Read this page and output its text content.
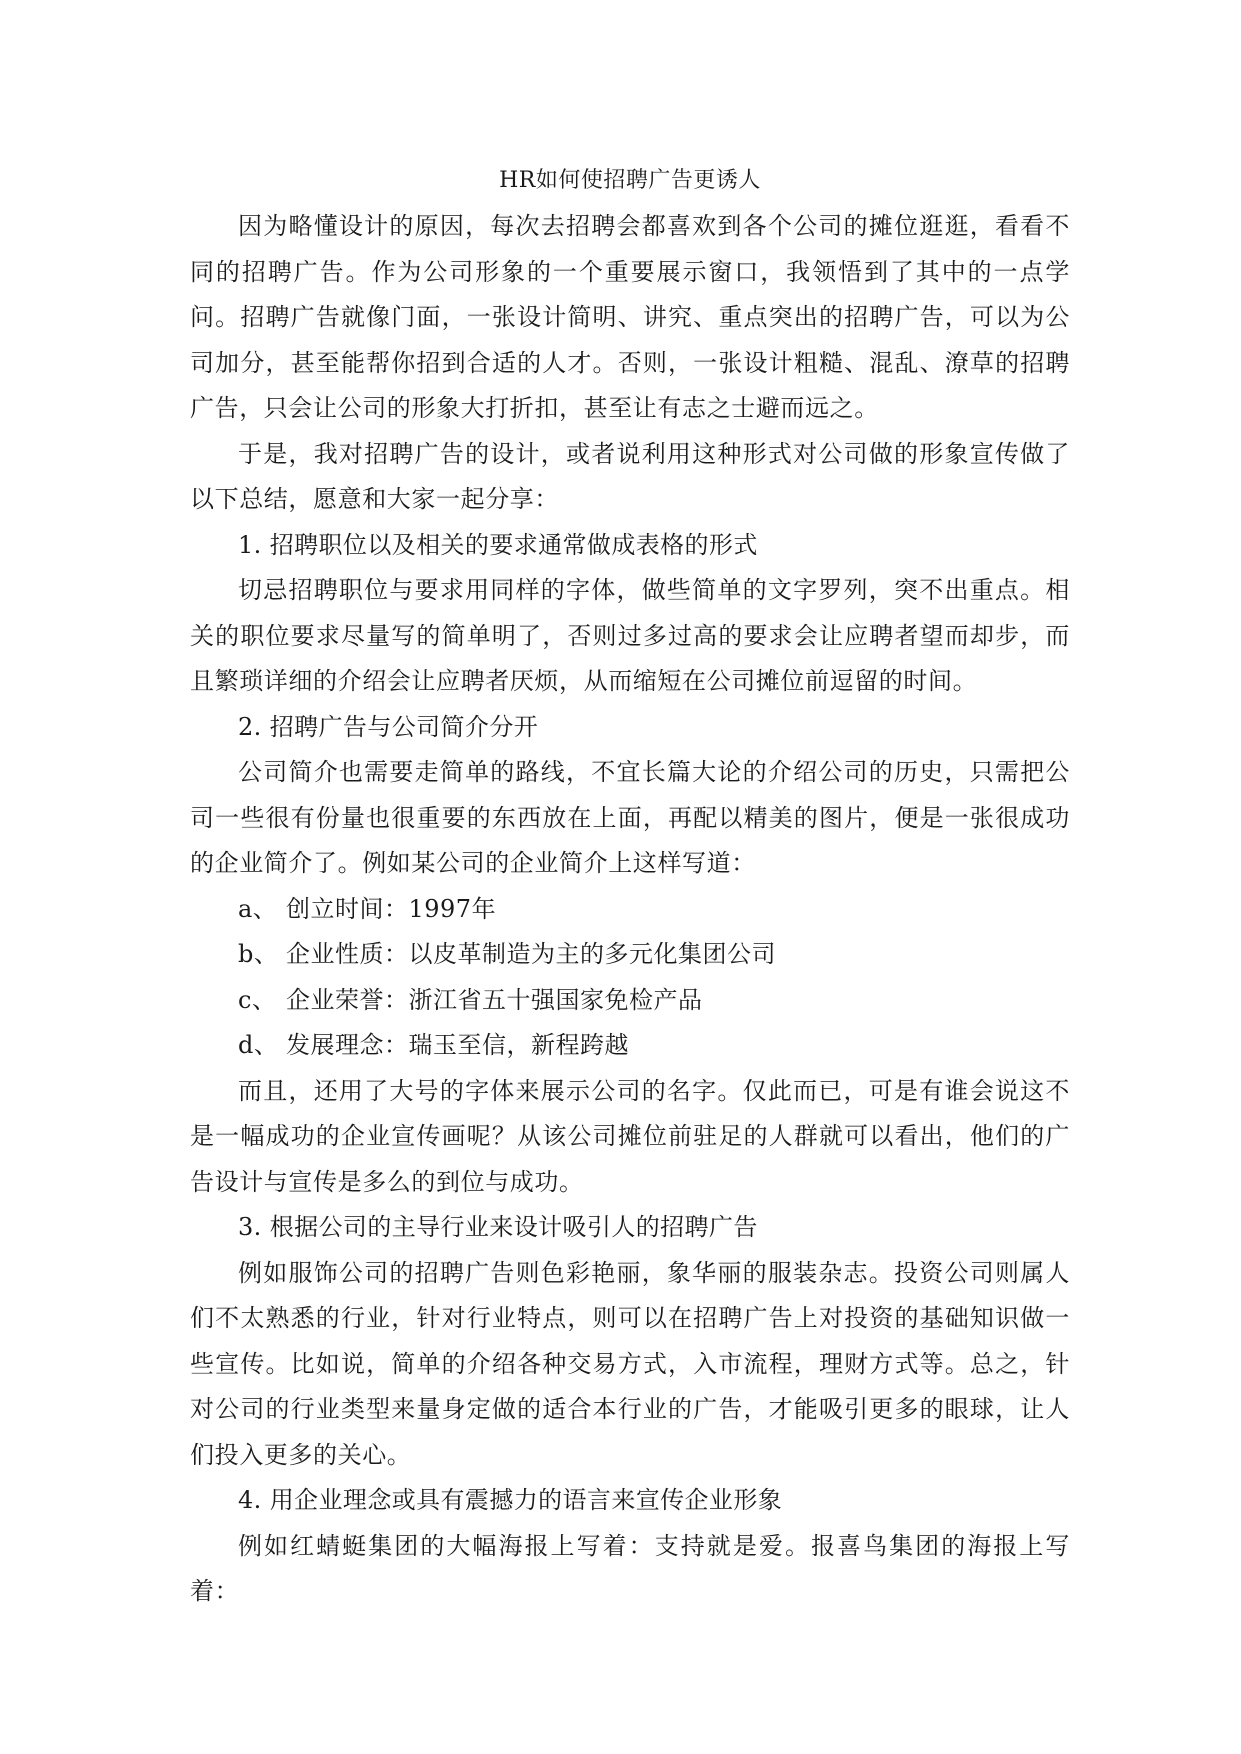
HR如何使招聘广告更诱人

因为略懂设计的原因，每次去招聘会都喜欢到各个公司的摊位逛逛，看看不同的招聘广告。作为公司形象的一个重要展示窗口，我领悟到了其中的一点学问。招聘广告就像门面，一张设计简明、讲究、重点突出的招聘广告，可以为公司加分，甚至能帮你招到合适的人才。否则，一张设计粗糙、混乱、潦草的招聘广告，只会让公司的形象大打折扣，甚至让有志之士避而远之。

于是，我对招聘广告的设计，或者说利用这种形式对公司做的形象宣传做了以下总结，愿意和大家一起分享：

1. 招聘职位以及相关的要求通常做成表格的形式

切忌招聘职位与要求用同样的字体，做些简单的文字罗列，突不出重点。相关的职位要求尽量写的简单明了，否则过多过高的要求会让应聘者望而却步，而且繁琐详细的介绍会让应聘者厌烦，从而缩短在公司摊位前逗留的时间。

2. 招聘广告与公司简介分开

公司简介也需要走简单的路线，不宜长篇大论的介绍公司的历史，只需把公司一些很有份量也很重要的东西放在上面，再配以精美的图片，便是一张很成功的企业简介了。例如某公司的企业简介上这样写道：

a、 创立时间：1997年

b、 企业性质：以皮革制造为主的多元化集团公司

c、 企业荣誉：浙江省五十强国家免检产品

d、 发展理念：瑞玉至信，新程跨越

而且，还用了大号的字体来展示公司的名字。仅此而已，可是有谁会说这不是一幅成功的企业宣传画呢？从该公司摊位前驻足的人群就可以看出，他们的广告设计与宣传是多么的到位与成功。

3. 根据公司的主导行业来设计吸引人的招聘广告

例如服饰公司的招聘广告则色彩艳丽，象华丽的服装杂志。投资公司则属人们不太熟悉的行业，针对行业特点，则可以在招聘广告上对投资的基础知识做一些宣传。比如说，简单的介绍各种交易方式，入市流程，理财方式等。总之，针对公司的行业类型来量身定做的适合本行业的广告，才能吸引更多的眼球，让人们投入更多的关心。

4. 用企业理念或具有震撼力的语言来宣传企业形象

例如红蜻蜓集团的大幅海报上写着：支持就是爱。报喜鸟集团的海报上写着：
